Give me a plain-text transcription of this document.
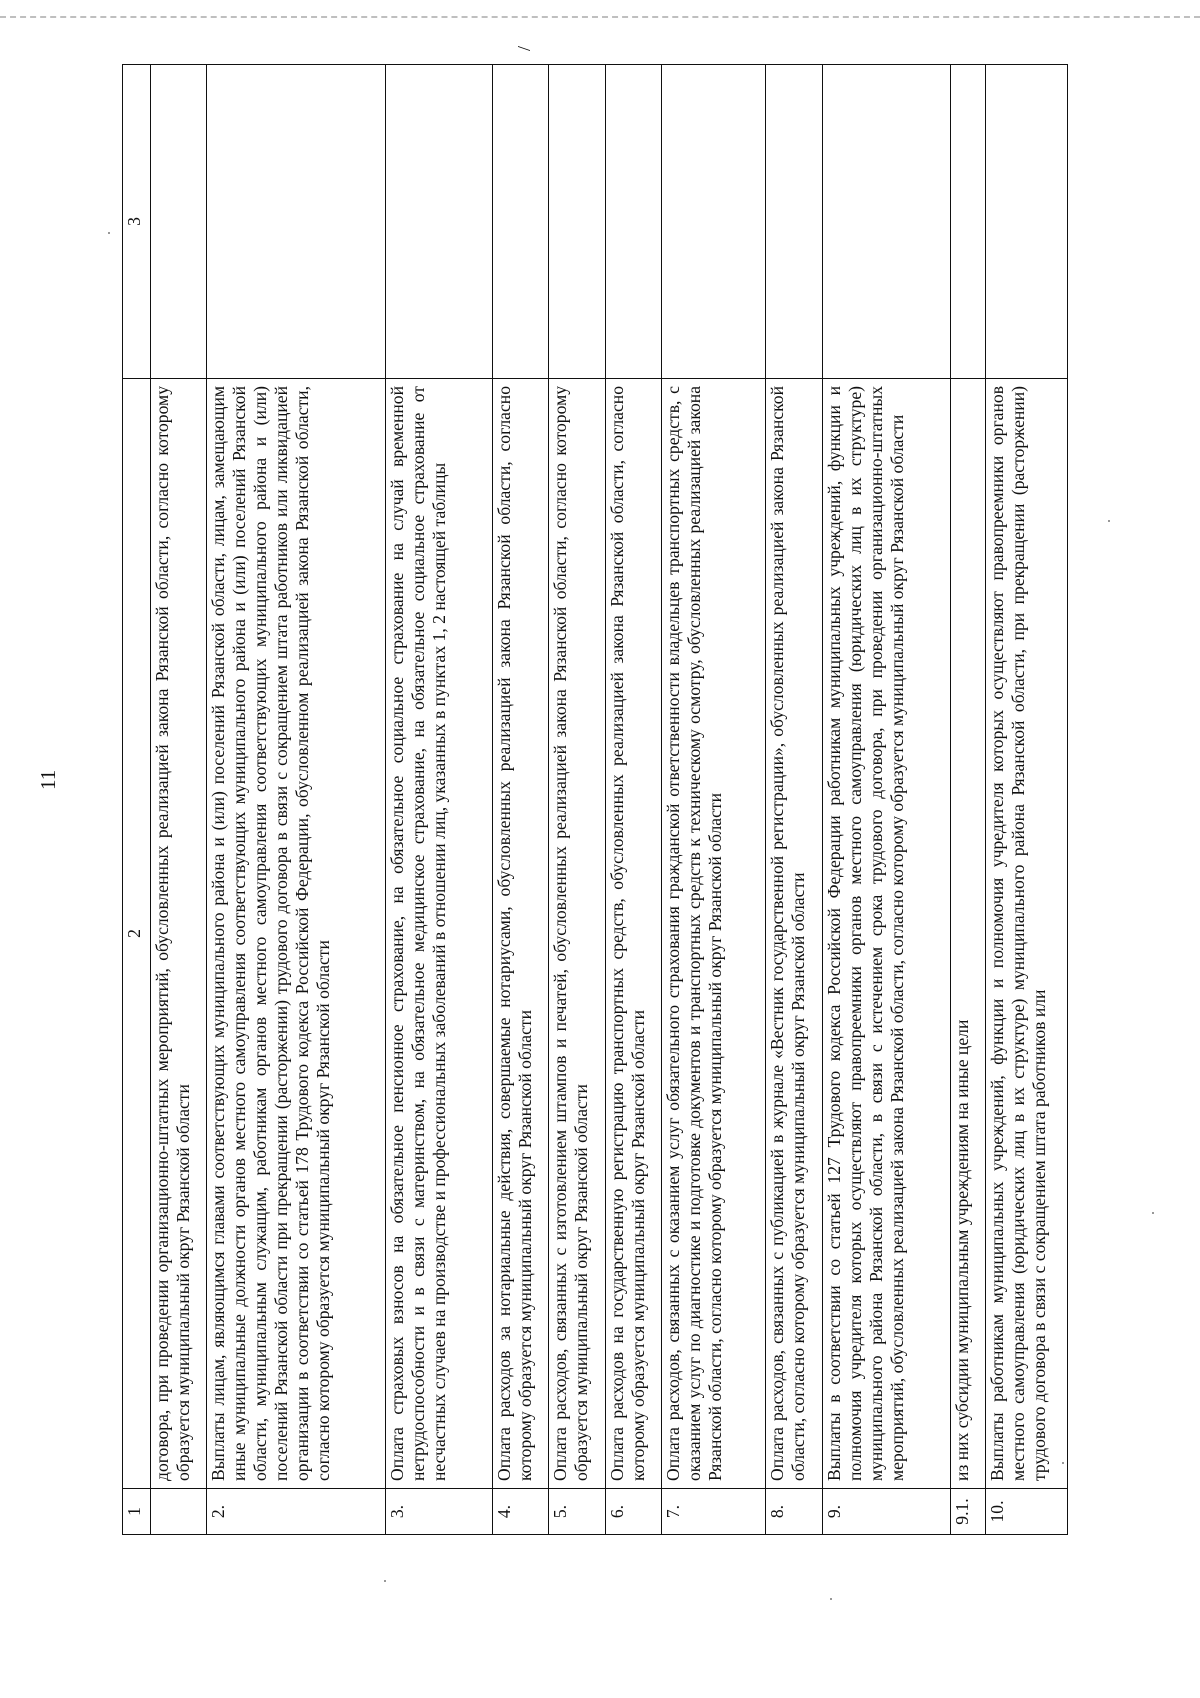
11
1	2	3
	договора, при проведении организационно-штатных мероприятий, обусловленных реализацией закона Рязанской области, согласно которому образуется муниципальный округ Рязанской области	
2.	Выплаты лицам, являющимся главами соответствующих муниципального района и (или) поселений Рязанской области, лицам, замещающим иные муниципальные должности органов местного самоуправления соответствующих муниципального района и (или) поселений Рязанской области, муниципальным служащим, работникам органов местного самоуправления соответствующих муниципального района и (или) поселений Рязанской области при прекращении (расторжении) трудового договора в связи с сокращением штата работников или ликвидацией организации в соответствии со статьей 178 Трудового кодекса Российской Федерации, обусловленном реализацией закона Рязанской области, согласно которому образуется муниципальный округ Рязанской области	
3.	Оплата страховых взносов на обязательное пенсионное страхование, на обязательное социальное страхование на случай временной нетрудоспособности и в связи с материнством, на обязательное медицинское страхование, на обязательное социальное страхование от несчастных случаев на производстве и профессиональных заболеваний в отношении лиц, указанных в пунктах 1, 2 настоящей таблицы	
4.	Оплата расходов за нотариальные действия, совершаемые нотариусами, обусловленных реализацией закона Рязанской области, согласно которому образуется муниципальный округ Рязанской области	/
5.	Оплата расходов, связанных с изготовлением штампов и печатей, обусловленных реализацией закона Рязанской области, согласно которому образуется муниципальный округ Рязанской области	
6.	Оплата расходов на государственную регистрацию транспортных средств, обусловленных реализацией закона Рязанской области, согласно которому образуется муниципальный округ Рязанской области	
7.	Оплата расходов, связанных с оказанием услуг обязательного страхования гражданской ответственности владельцев транспортных средств, с оказанием услуг по диагностике и подготовке документов и транспортных средств к техническому осмотру, обусловленных реализацией закона Рязанской области, согласно которому образуется муниципальный округ Рязанской области	
8.	Оплата расходов, связанных с публикацией в журнале «Вестник государственной регистрации», обусловленных реализацией закона Рязанской области, согласно которому образуется муниципальный округ Рязанской области	
9.	Выплаты в соответствии со статьей 127 Трудового кодекса Российской Федерации работникам муниципальных учреждений, функции и полномочия учредителя которых осуществляют правопреемники органов местного самоуправления (юридических лиц в их структуре) муниципального района Рязанской области, в связи с истечением срока трудового договора, при проведении организационно-штатных мероприятий, обусловленных реализацией закона Рязанской области, согласно которому образуется муниципальный округ Рязанской области	
9.1.	из них субсидии муниципальным учреждениям на иные цели	
10.	Выплаты работникам муниципальных учреждений, функции и полномочия учредителя которых осуществляют правопреемники органов местного самоуправления (юридических лиц в их структуре) муниципального района Рязанской области, при прекращении (расторжении) трудового договора в связи с сокращением штата работников или	
